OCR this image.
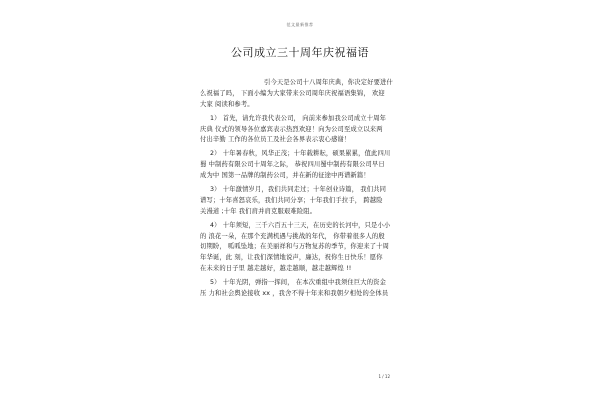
范文最新推荐
公司成立三十周年庆祝福语
引今天是公司十八周年庆典，你决定好要进什
么祝福了吗， 下面小编为大家带来公司周年庆祝福语集锦， 欢迎
大家 阅读和参考。
1） 首先，请允许我代表公司， 向前来参加我公司成立十周年
庆典 仪式的领导各位嘉宾表示热烈欢迎！向为公司至成立以来两
付出辛勤 工作的各位员工及社会各界表示衷心感谢！
2） 十年暑春秋，风华正茂；十年载耕耘，硕果累累，值此四川
蜀 中制药有限公司十周年之际， 恭祝四川蜀中制药有限公司早日
成为中 国第一品牌的制药公司，并在新的征途中再谱新篇！
3） 十年激情岁月，我们共同走过；十年创业诗篇， 我们共同
谱写；十年喜怒哀乐，我们共同分享；十年我们手拉手， 跨越险
关漫道 ;十年 我们肩并肩克服艰难险阻。
4） 十年须短，三千六百五十三天，在历史的长河中，只是小小
的 浪花一朵，在那个充满机遇与挑战的年代， 你带着很多人的殷
切期盼， 呱呱坠地；在美丽祥和与万物复苏的季节，你迎来了十周
年华诞，此 刻，让我们深情地说声，廉达，祝你生日快乐！愿你
在未来的日子里 越走越好，越走越顺，越走越辉煌 !!
5） 十年光阴，弹指一挥间， 在本次重组中我须住巨大的资金
压 力和社会舆论接收 xx ，我舍不得十年来和我朝夕相处的全体员
1 / 12
